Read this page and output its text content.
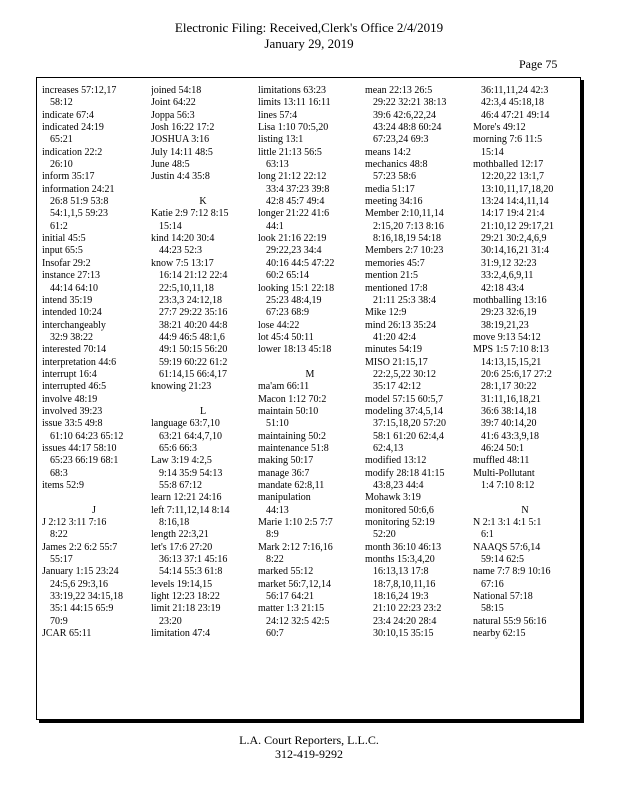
Electronic Filing: Received,Clerk's Office 2/4/2019
January 29, 2019
Page 75
increases 57:12,17
58:12
indicate 67:4
indicated 24:19
65:21
indication 22:2
26:10
inform 35:17
information 24:21
26:8 51:9 53:8
54:1,1,5 59:23
61:2
initial 45:5
input 65:5
Insofar 29:2
instance 27:13
44:14 64:10
intend 35:19
intended 10:24
interchangeably
32:9 38:22
interested 70:14
interpretation 44:6
interrupt 16:4
interrupted 46:5
involve 48:19
involved 39:23
issue 33:5 49:8
61:10 64:23 65:12
issues 44:17 58:10
65:23 66:19 68:1
68:3
items 52:9
J
J 2:12 3:11 7:16
8:22
James 2:2 6:2 55:7
55:17
January 1:15 23:24
24:5,6 29:3,16
33:19,22 34:15,18
35:1 44:15 65:9
70:9
JCAR 65:11
joined 54:18
Joint 64:22
Joppa 56:3
Josh 16:22 17:2
JOSHUA 3:16
July 14:11 48:5
June 48:5
Justin 4:4 35:8
K
Katie 2:9 7:12 8:15
15:14
kind 14:20 30:4
44:23 52:3
know 7:5 13:17
16:14 21:12 22:4
22:5,10,11,18
23:3,3 24:12,18
27:7 29:22 35:16
38:21 40:20 44:8
44:9 46:5 48:1,6
49:1 50:15 56:20
59:19 60:22 61:2
61:14,15 66:4,17
knowing 21:23
L
language 63:7,10
63:21 64:4,7,10
65:6 66:3
Law 3:19 4:2,5
9:14 35:9 54:13
55:8 67:12
learn 12:21 24:16
left 7:11,12,14 8:14
8:16,18
length 22:3,21
let's 17:6 27:20
36:13 37:1 45:16
54:14 55:3 61:8
levels 19:14,15
light 12:23 18:22
limit 21:18 23:19
23:20
limitation 47:4
limitations 63:23
limits 13:11 16:11
lines 57:4
Lisa 1:10 70:5,20
listing 13:1
little 21:13 56:5
63:13
long 21:12 22:12
33:4 37:23 39:8
42:8 45:7 49:4
longer 21:22 41:6
44:1
look 21:16 22:19
29:22,23 34:4
40:16 44:5 47:22
60:2 65:14
looking 15:1 22:18
25:23 48:4,19
67:23 68:9
lose 44:22
lot 45:4 50:11
lower 18:13 45:18
M
ma'am 66:11
Macon 1:12 70:2
maintain 50:10
51:10
maintaining 50:2
maintenance 51:8
making 50:17
manage 36:7
mandate 62:8,11
manipulation
44:13
Marie 1:10 2:5 7:7
8:9
Mark 2:12 7:16,16
8:22
marked 55:12
market 56:7,12,14
56:17 64:21
matter 1:3 21:15
24:12 32:5 42:5
60:7
mean 22:13 26:5
29:22 32:21 38:13
39:6 42:6,22,24
43:24 48:8 60:24
67:23,24 69:3
means 14:2
mechanics 48:8
57:23 58:6
media 51:17
meeting 34:16
Member 2:10,11,14
2:15,20 7:13 8:16
8:16,18,19 54:18
Members 2:7 10:23
memories 45:7
mention 21:5
mentioned 17:8
21:11 25:3 38:4
Mike 12:9
mind 26:13 35:24
41:20 42:4
minutes 54:19
MISO 21:15,17
22:2,5,22 30:12
35:17 42:12
model 57:15 60:5,7
modeling 37:4,5,14
37:15,18,20 57:20
58:1 61:20 62:4,4
62:4,13
modified 13:12
modify 28:18 41:15
43:8,23 44:4
Mohawk 3:19
monitored 50:6,6
monitoring 52:19
52:20
month 36:10 46:13
months 15:3,4,20
16:13,13 17:8
18:7,8,10,11,16
18:16,24 19:3
21:10 22:23 23:2
23:4 24:20 28:4
30:10,15 35:15
36:11,11,24 42:3
42:3,4 45:18,18
46:4 47:21 49:14
More's 49:12
morning 7:6 11:5
15:14
mothballed 12:17
12:20,22 13:1,7
13:10,11,17,18,20
13:24 14:4,11,14
14:17 19:4 21:4
21:10,12 29:17,21
29:21 30:2,4,6,9
30:14,16,21 31:4
31:9,12 32:23
33:2,4,6,9,11
42:18 43:4
mothballing 13:16
29:23 32:6,19
38:19,21,23
move 9:13 54:12
MPS 1:5 7:10 8:13
14:13,15,15,21
20:6 25:6,17 27:2
28:1,17 30:22
31:11,16,18,21
36:6 38:14,18
39:7 40:14,20
41:6 43:3,9,18
46:24 50:1
muffled 48:11
Multi-Pollutant
1:4 7:10 8:12
N
N 2:1 3:1 4:1 5:1
6:1
NAAQS 57:6,14
59:14 62:5
name 7:7 8:9 10:16
67:16
National 57:18
58:15
natural 55:9 56:16
nearby 62:15
L.A. Court Reporters, L.L.C.
312-419-9292
